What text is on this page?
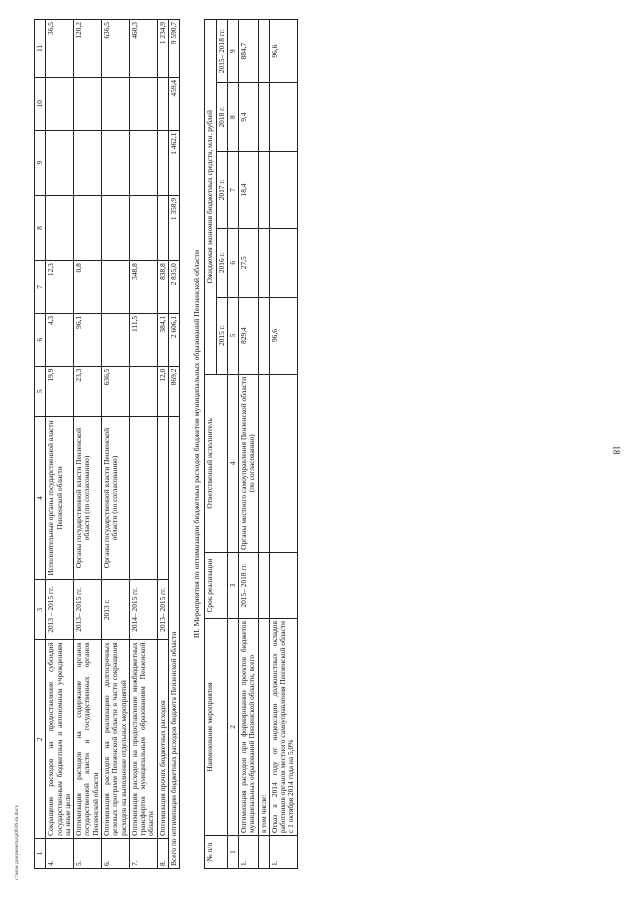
18
c:\мои документы\p0636-m.docx 1	2	3	4	5	6	7	8	9	10	11
4.	Сокращение расходов на предоставление субсидий государственным бюджетным и автономным учреждениям на иные цели	2013 – 2015 гг.	Исполнительные органы государственной власти Пензенской области	19,9	4,3	12,3				36,5
5.	Оптимизация расходов на содержание органов государственной власти и государственных органов Пензенской области	2013– 2015 гг.	Органы государственной власти Пензенской области (по согласованию)	23,3	96,1	0,8				120,2
6.	Оптимизация расходов на реализацию долгосрочных целевых программ Пензенской области в части сокращения расходов на выполнение отдельных мероприятий	2013 г.	Органы государственной власти Пензенской области (по согласованию)	636,5						636,5
7.	Оптимизация расходов на предоставление межбюджетных трансфертов муниципальным образованиям Пензенской области	2014– 2015 гг.			111,5	348,8				460,3
8.	Оптимизация прочих бюджетных расходов	2013– 2015 гг.		12,0	384,1	838,8				1 234,9
Всего по оптимизации бюджетных расходов бюджета Пензенской области				869,2	2 606,1	2 835,0	1 358,9	1 462,1	459,4	9 590,7
III. Мероприятия по оптимизации бюджетных расходов бюджетов муниципальных образований Пензенской области
№ п/п	Наименование мероприятия	Срок реализации	Ответственный исполнитель	Ожидаемая экономия бюджетных средств, млн. рублей				
				2015 г.	2016 г.	2017 г.	2018 г.	2015– 2018 гг.
1	2	3	4	5	6	7	8	9
1.	Оптимизация расходов при формировании проектов бюджетов муниципальных образований Пензенской области, всего	2015– 2018 гг.	Органы местного самоуправления Пензенской области (по согласованию)	829,4	27,5	18,4	9,4	884,7
	в том числе:							
1.	Отказ в 2014 году от индексации должностных окладов работников органов местного самоуправления Пензенской области с 1 октября 2014 года на 5,0%			96,6				96,6
